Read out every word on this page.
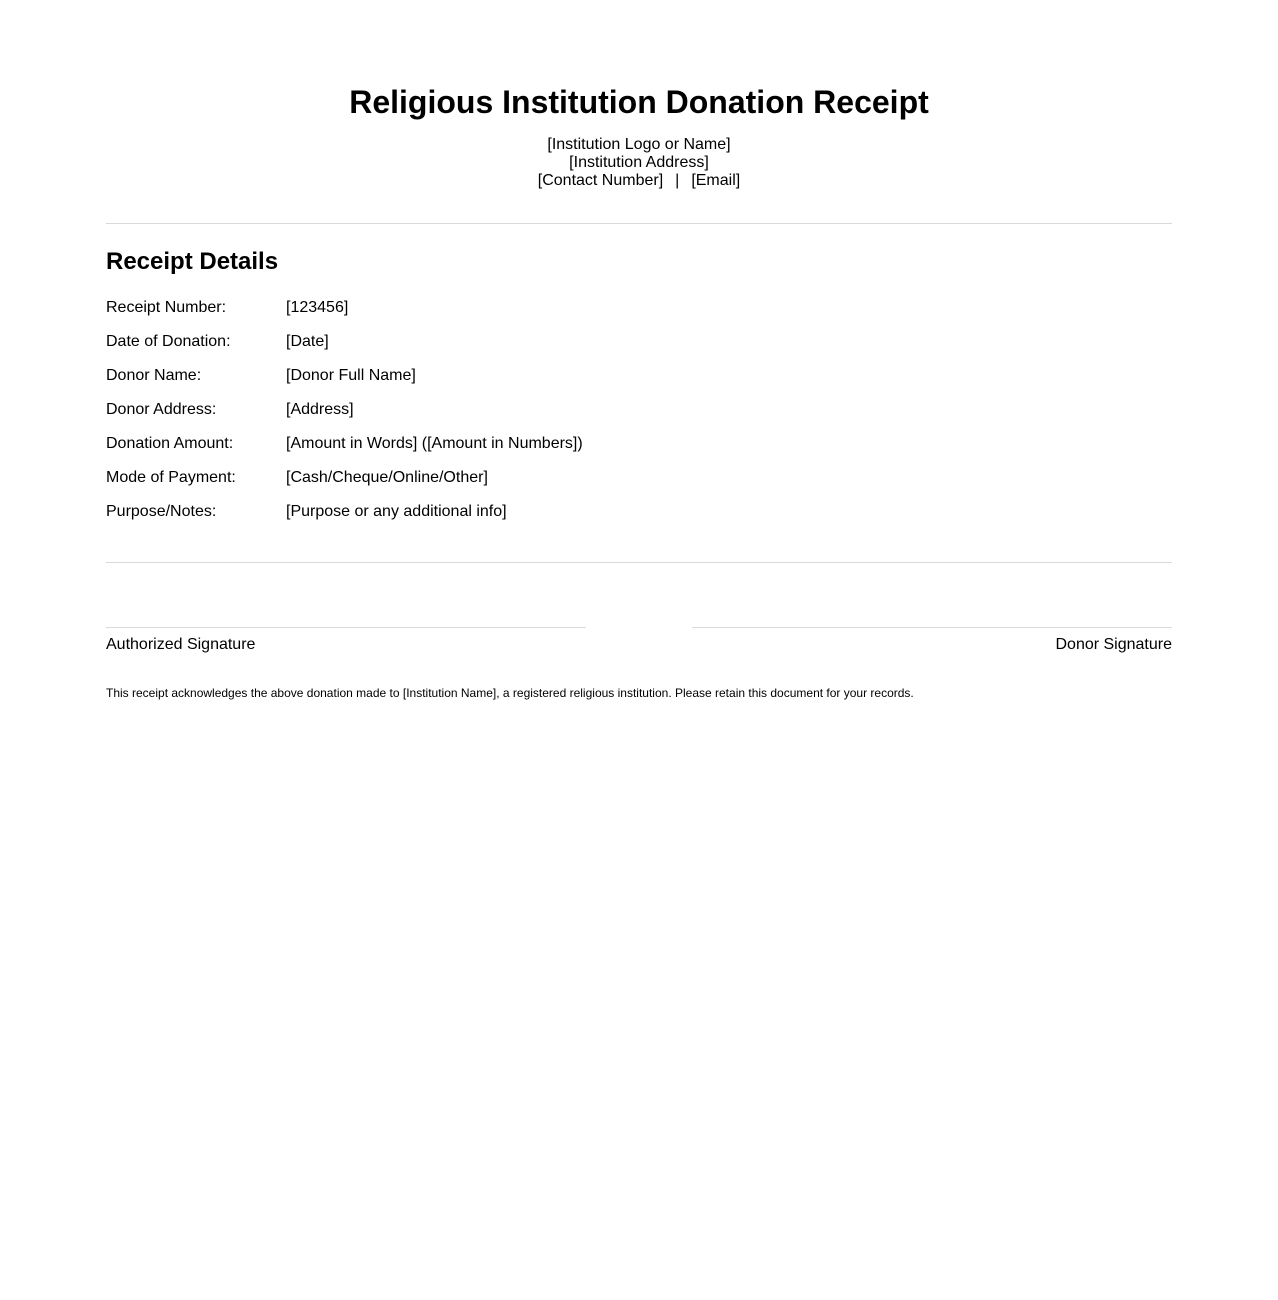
Religious Institution Donation Receipt
[Institution Logo or Name]
[Institution Address]
[Contact Number] | [Email]
Receipt Details
Receipt Number:	[123456]
Date of Donation:	[Date]
Donor Name:	[Donor Full Name]
Donor Address:	[Address]
Donation Amount:	[Amount in Words] ([Amount in Numbers])
Mode of Payment:	[Cash/Cheque/Online/Other]
Purpose/Notes:	[Purpose or any additional info]
Authorized Signature	Donor Signature
This receipt acknowledges the above donation made to [Institution Name], a registered religious institution. Please retain this document for your records.
